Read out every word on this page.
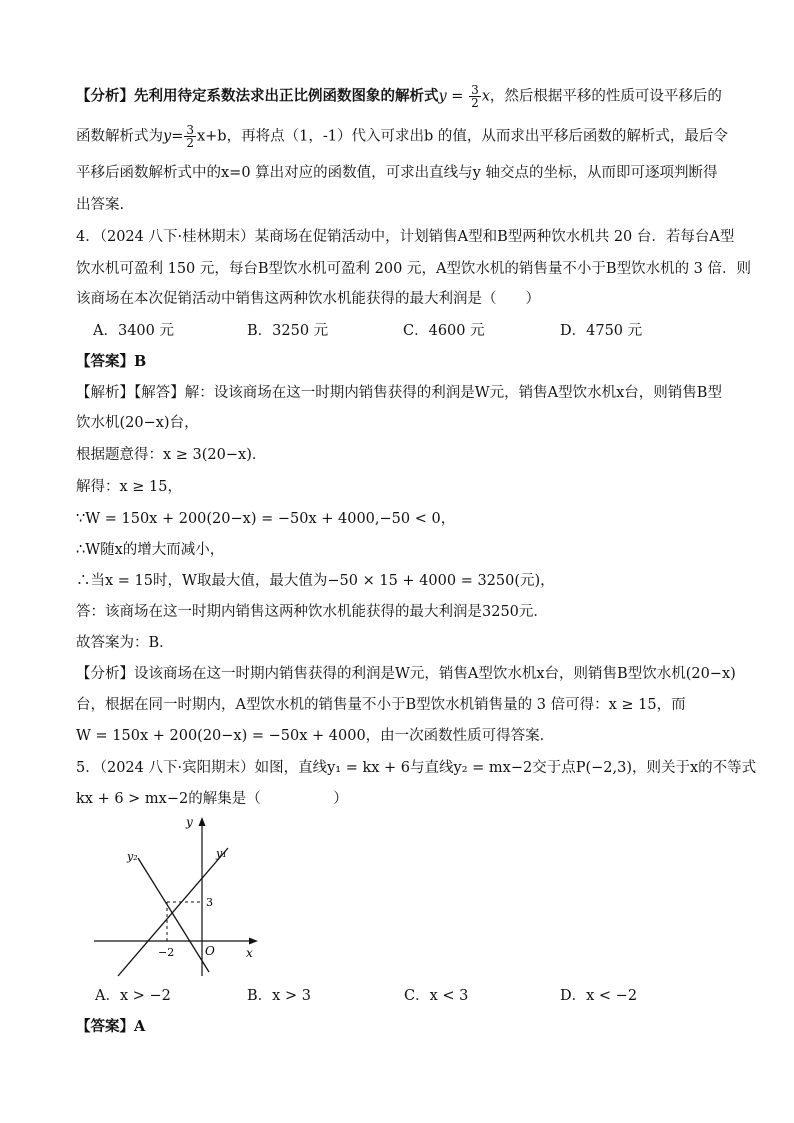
【分析】先利用待定系数法求出正比例函数图象的解析式$y = \frac{3}{2}$ x，然后根据平移的性质可设平移后的
函数解析式为$y= \frac{3}{2} x+b$，再将点（1，-1）代入可求出b 的值，从而求出平移后函数的解析式，最后令
平移后函数解析式中的x=0 算出对应的函数值，可求出直线与y 轴交点的坐标，从而即可逐项判断得
出答案.
4．（2024 八下·桂林期末）某商场在促销活动中，计划销售A型和B型两种饮水机共 20 台．若每台A型
饮水机可盈利 150 元，每台B型饮水机可盈利 200 元，A型饮水机的销售量不小于B型饮水机的 3 倍．则
该商场在本次促销活动中销售这两种饮水机能获得的最大利润是（　　）
A．3400 元	B．3250 元	C．4600 元	D．4750 元
【答案】B
【解析】【解答】解：设该商场在这一时期内销售获得的利润是W元，销售A型饮水机x台，则销售B型
饮水机(20−x)台，
根据题意得：x ≥ 3(20−x)．
解得：x ≥ 15，
∵W = 150x + 200(20−x) = −50x + 4000,−50 < 0，
∴W随x的增大而减小，
∴当x = 15时，W取最大值，最大值为−50 × 15 + 4000 = 3250(元)，
答：该商场在这一时期内销售这两种饮水机能获得的最大利润是3250元．
故答案为：B．
【分析】设该商场在这一时期内销售获得的利润是W元，销售A型饮水机x台，则销售B型饮水机(20−x)
台，根据在同一时期内，A型饮水机的销售量不小于B型饮水机销售量的 3 倍可得：x ≥ 15，而
W = 150x + 200(20−x) = −50x + 4000，由一次函数性质可得答案．
5．（2024 八下·宾阳期末）如图，直线y₁ = kx + 6与直线y₂ = mx−2交于点P(−2,3)，则关于x的不等式
kx + 6 > mx−2的解集是（　　　　　）
y
x
O
y₁
y₂
−2
3
A．x > −2	B．x > 3	C．x < 3	D．x < −2
【答案】A
